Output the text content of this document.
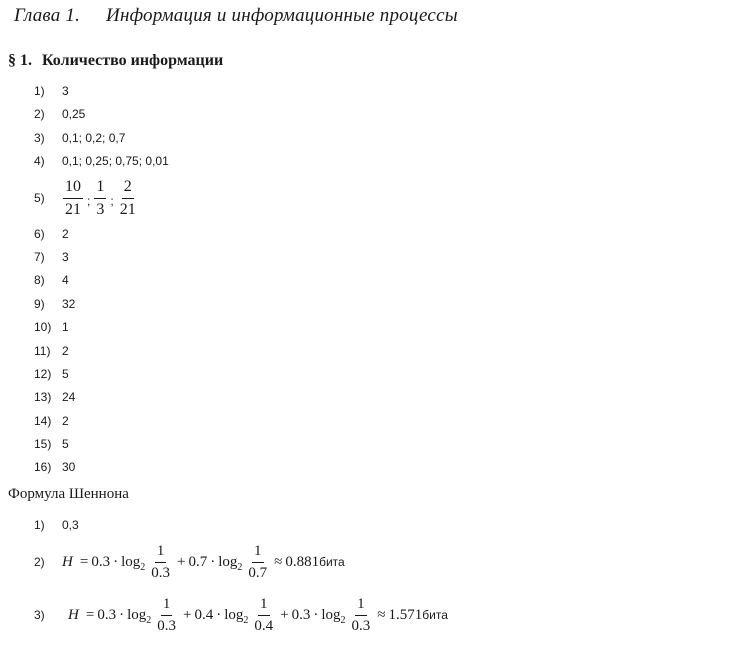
Глава 1. Информация и информационные процессы
§ 1. Количество информации
1) 3
2) 0,25
3) 0,1; 0,2; 0,7
4) 0,1; 0,25; 0,75; 0,01
$5) \frac{10}{21}$ ; $\frac{1}{3}$ ; $\frac{2}{21}$
6) 2
7) 3
8) 4
9) 32
10) 1
11) 2
12) 5
13) 24
14) 2
15) 5
16) 30
Формула Шеннона
1)	0,3
2)	$H = 0.3 \cdot \log 2 \frac{1}{0.3} + 0.7 \cdot \log 2 \frac{1}{0.7} \approx 0.881$ бита
3)	$H = 0.3 \cdot \log 2 \frac{1}{0.3} + 0.4 \cdot \log 2 \frac{1}{0.4} + 0.3 \cdot \log 2 \frac{1}{0.3} \approx 1.571$ бита
